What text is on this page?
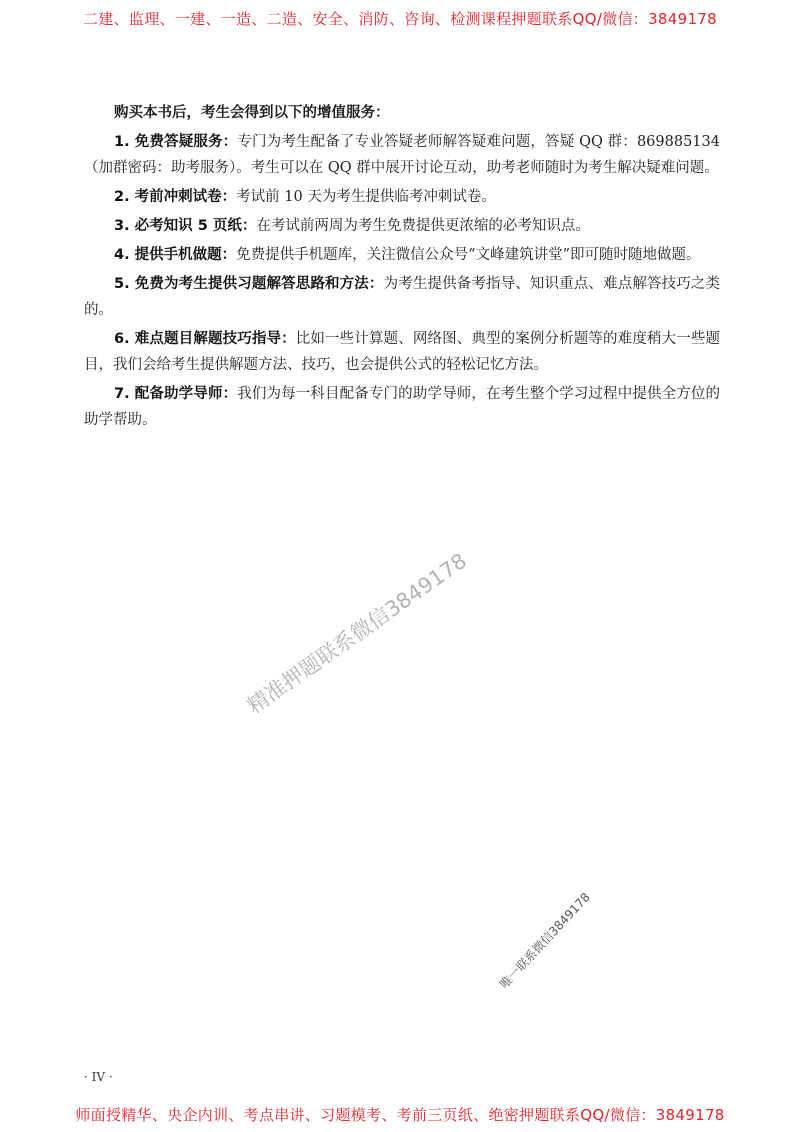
二建、监理、一建、一造、二造、安全、消防、咨询、检测课程押题联系QQ/微信：3849178

购买本书后，考生会得到以下的增值服务：

1. 免费答疑服务：专门为考生配备了专业答疑老师解答疑难问题，答疑 QQ 群：869885134（加群密码：助考服务）。考生可以在 QQ 群中展开讨论互动，助考老师随时为考生解决疑难问题。

2. 考前冲刺试卷：考试前 10 天为考生提供临考冲刺试卷。

3. 必考知识 5 页纸：在考试前两周为考生免费提供更浓缩的必考知识点。

4. 提供手机做题：免费提供手机题库，关注微信公众号“文峰建筑讲堂”即可随时随地做题。

5. 免费为考生提供习题解答思路和方法：为考生提供备考指导、知识重点、难点解答技巧之类的。

6. 难点题目解题技巧指导：比如一些计算题、网络图、典型的案例分析题等的难度稍大一些题目，我们会给考生提供解题方法、技巧，也会提供公式的轻松记忆方法。

7. 配备助学导师：我们为每一科目配备专门的助学导师，在考生整个学习过程中提供全方位的助学帮助。

精准押题联系微信3849178
唯一联系微信3849178
· IV ·
师面授精华、央企内训、考点串讲、习题模考、考前三页纸、绝密押题联系QQ/微信：3849178
